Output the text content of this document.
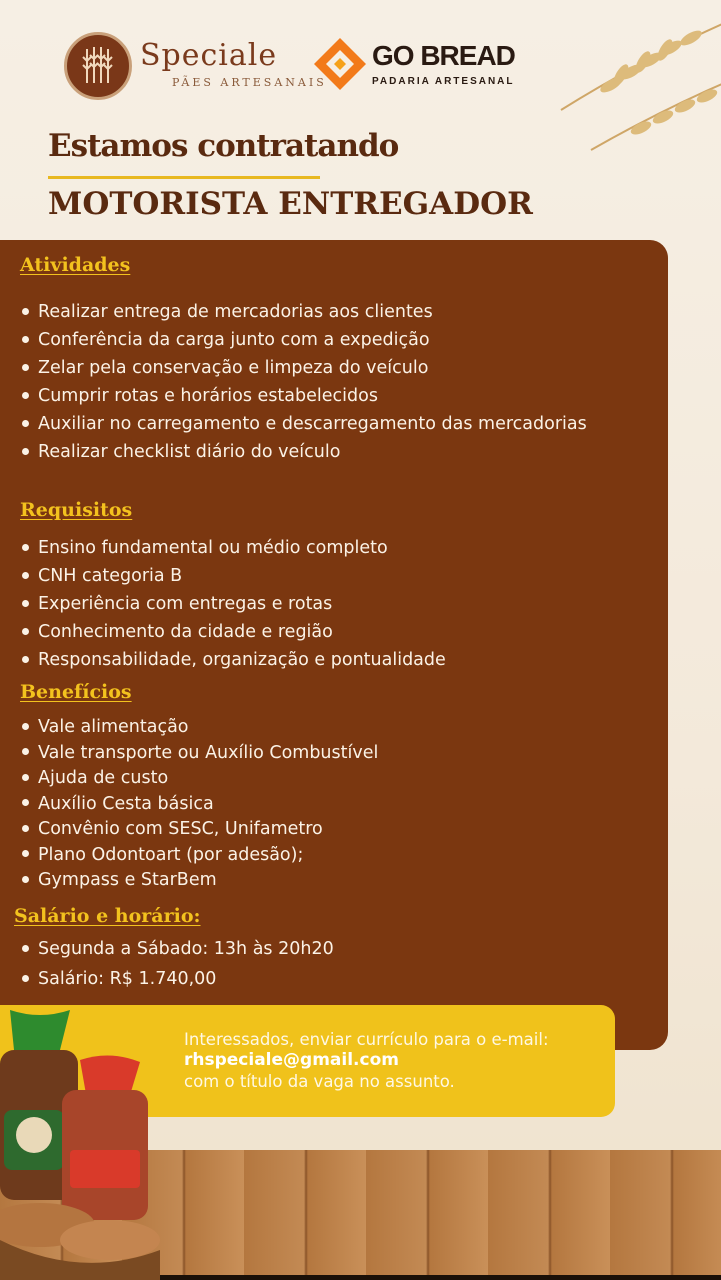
Speciale
PÃES ARTESANAIS
GO BREAD
PADARIA ARTESANAL
Estamos contratando
MOTORISTA ENTREGADOR
Atividades
Realizar entrega de mercadorias aos clientes
Conferência da carga junto com a expedição
Zelar pela conservação e limpeza do veículo
Cumprir rotas e horários estabelecidos
Auxiliar no carregamento e descarregamento das mercadorias
Realizar checklist diário do veículo
Requisitos
Ensino fundamental ou médio completo
CNH categoria B
Experiência com entregas e rotas
Conhecimento da cidade e região
Responsabilidade, organização e pontualidade
Benefícios
Vale alimentação
Vale transporte ou Auxílio Combustível
Ajuda de custo
Auxílio Cesta básica
Convênio com SESC, Unifametro
Plano Odontoart (por adesão);
Gympass e StarBem
Salário e horário:
Segunda a Sábado: 13h às 20h20
Salário: R$ 1.740,00
Interessados, enviar currículo para o e-mail:
rhspeciale@gmail.com
com o título da vaga no assunto.
